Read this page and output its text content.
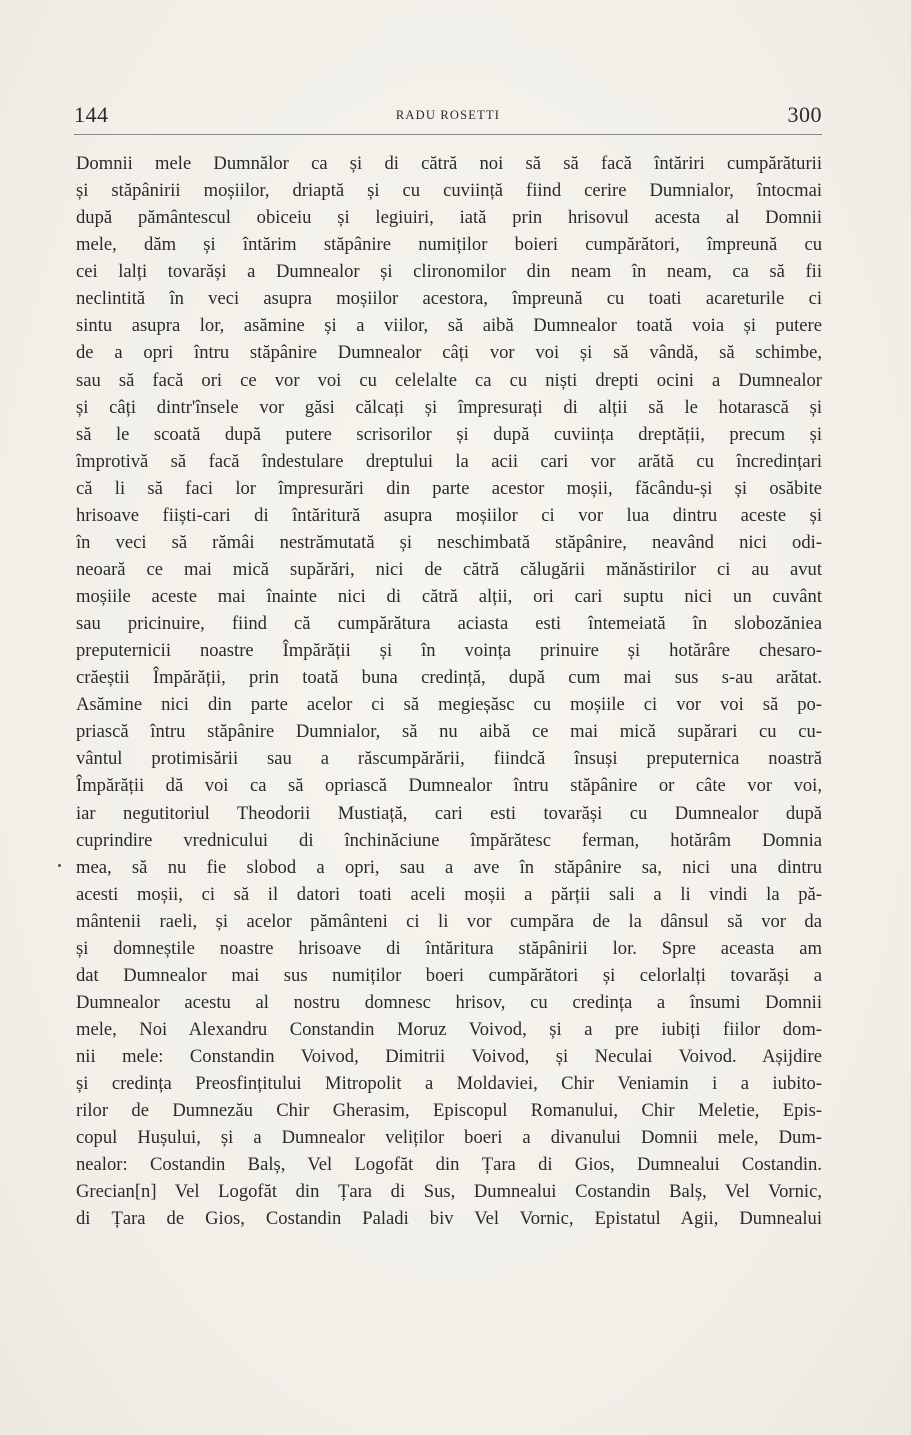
144	RADU ROSETTI	300
Domnii mele Dumnălor ca și di cătră noi să să facă întăriri cumpărăturii
și stăpânirii moșiilor, driaptă și cu cuviință fiind cerire Dumnialor, întocmai
după pământescul obiceiu și legiuiri, iată prin hrisovul acesta al Domnii
mele, dăm și întărim stăpânire numiților boieri cumpărători, împreună cu
cei lalți tovarăși a Dumnealor și clironomilor din neam în neam, ca să fii
neclintită în veci asupra moșiilor acestora, împreună cu toati acareturile ci
sintu asupra lor, asămine și a viilor, să aibă Dumnealor toată voia și putere
de a opri întru stăpânire Dumnealor câți vor voi și să vândă, să schimbe,
sau să facă ori ce vor voi cu celelalte ca cu niști drepti ocini a Dumnealor
și câți dintr'însele vor găsi călcați și împresurați di alții să le hotarască și
să le scoată după putere scrisorilor și după cuviința dreptății, precum și
împrotivă să facă îndestulare dreptului la acii cari vor arătă cu încredințari
că li să faci lor împresurări din parte acestor moșii, făcându-și și osăbite
hrisoave fiiști-cari di întăritură asupra moșiilor ci vor lua dintru aceste și
în veci să rămâi nestrămutată și neschimbată stăpânire, neavând nici odi-
neoară ce mai mică supărări, nici de cătră călugării mănăstirilor ci au avut
moșiile aceste mai înainte nici di cătră alții, ori cari suptu nici un cuvânt
sau pricinuire, fiind că cumpărătura aciasta esti întemeiată în slobozăniea
preputernicii noastre Împărății și în voința prinuire și hotărâre chesaro-
crăeștii Împărății, prin toată buna credință, după cum mai sus s-au arătat.
Asămine nici din parte acelor ci să megieșăsc cu moșiile ci vor voi să po-
priască întru stăpânire Dumnialor, să nu aibă ce mai mică supărari cu cu-
vântul protimisării sau a răscumpărării, fiindcă însuși preputernica noastră
Împărății dă voi ca să opriască Dumnealor întru stăpânire or câte vor voi,
iar negutitoriul Theodorii Mustiață, cari esti tovarăși cu Dumnealor după
cuprindire vrednicului di închinăciune împărătesc ferman, hotărâm Domnia
mea, să nu fie slobod a opri, sau a ave în stăpânire sa, nici una dintru
acesti moșii, ci să il datori toati aceli moșii a părții sali a li vindi la pă-
mântenii raeli, și acelor pământeni ci li vor cumpăra de la dânsul să vor da
și domneștile noastre hrisoave di întăritura stăpânirii lor. Spre aceasta am
dat Dumnealor mai sus numiților boeri cumpărători și celorlalți tovarăși a
Dumnealor acestu al nostru domnesc hrisov, cu credința a însumi Domnii
mele, Noi Alexandru Constandin Moruz Voivod, și a pre iubiți fiilor dom-
nii mele: Constandin Voivod, Dimitrii Voivod, și Neculai Voivod. Așijdire
și credința Preosfințitului Mitropolit a Moldaviei, Chir Veniamin i a iubito-
rilor de Dumnezău Chir Gherasim, Episcopul Romanului, Chir Meletie, Epis-
copul Hușului, și a Dumnealor veliților boeri a divanului Domnii mele, Dum-
nealor: Costandin Balș, Vel Logofăt din Țara di Gios, Dumnealui Costandin.
Grecian[n] Vel Logofăt din Țara di Sus, Dumnealui Costandin Balș, Vel Vornic,
di Țara de Gios, Costandin Paladi biv Vel Vornic, Epistatul Agii, Dumnealui
